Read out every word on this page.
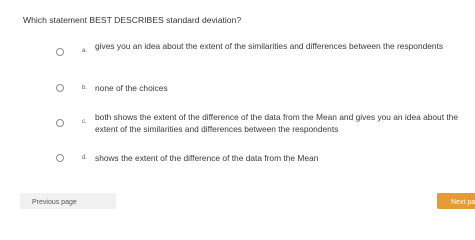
Which statement BEST DESCRIBES standard deviation?
a. gives you an idea about the extent of the similarities and differences between the respondents
b. none of the choices
c. both shows the extent of the difference of the data from the Mean and gives you an idea about the extent of the similarities and differences between the respondents
d. shows the extent of the difference of the data from the Mean
Previous page	Next pa
